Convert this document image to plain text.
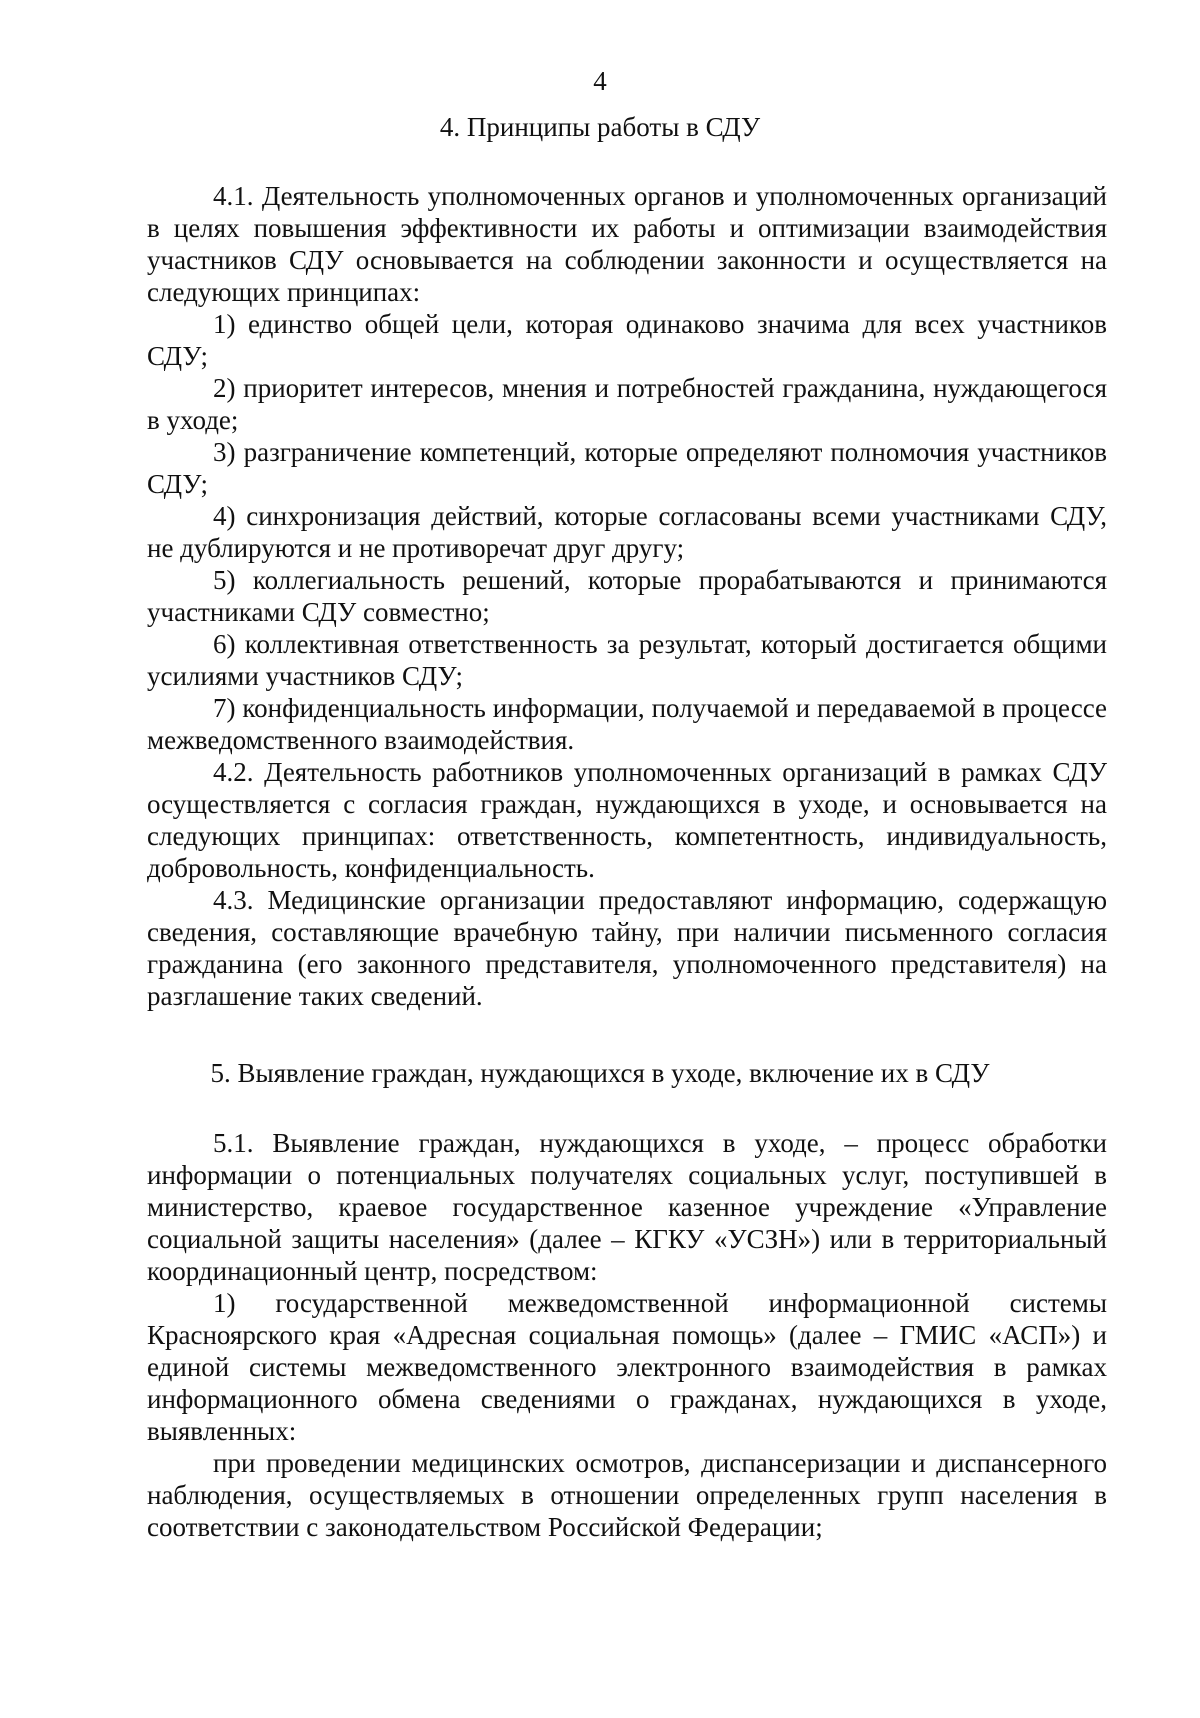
4
4. Принципы работы в СДУ

4.1. Деятельность уполномоченных органов и уполномоченных организаций в целях повышения эффективности их работы и оптимизации взаимодействия участников СДУ основывается на соблюдении законности и осуществляется на следующих принципах:

1) единство общей цели, которая одинаково значима для всех участников СДУ;

2) приоритет интересов, мнения и потребностей гражданина, нуждающегося в уходе;

3) разграничение компетенций, которые определяют полномочия участников СДУ;

4) синхронизация действий, которые согласованы всеми участниками СДУ, не дублируются и не противоречат друг другу;

5) коллегиальность решений, которые прорабатываются и принимаются участниками СДУ совместно;

6) коллективная ответственность за результат, который достигается общими усилиями участников СДУ;

7) конфиденциальность информации, получаемой и передаваемой в процессе межведомственного взаимодействия.

4.2. Деятельность работников уполномоченных организаций в рамках СДУ осуществляется с согласия граждан, нуждающихся в уходе, и основывается на следующих принципах: ответственность, компетентность, индивидуальность, добровольность, конфиденциальность.

4.3. Медицинские организации предоставляют информацию, содержащую сведения, составляющие врачебную тайну, при наличии письменного согласия гражданина (его законного представителя, уполномоченного представителя) на разглашение таких сведений.

5. Выявление граждан, нуждающихся в уходе, включение их в СДУ

5.1. Выявление граждан, нуждающихся в уходе, – процесс обработки информации о потенциальных получателях социальных услуг, поступившей в министерство, краевое государственное казенное учреждение «Управление социальной защиты населения» (далее – КГКУ «УСЗН») или в территориальный координационный центр, посредством:

1) государственной межведомственной информационной системы Красноярского края «Адресная социальная помощь» (далее – ГМИС «АСП») и единой системы межведомственного электронного взаимодействия в рамках информационного обмена сведениями о гражданах, нуждающихся в уходе, выявленных:

при проведении медицинских осмотров, диспансеризации и диспансерного наблюдения, осуществляемых в отношении определенных групп населения в соответствии с законодательством Российской Федерации;
